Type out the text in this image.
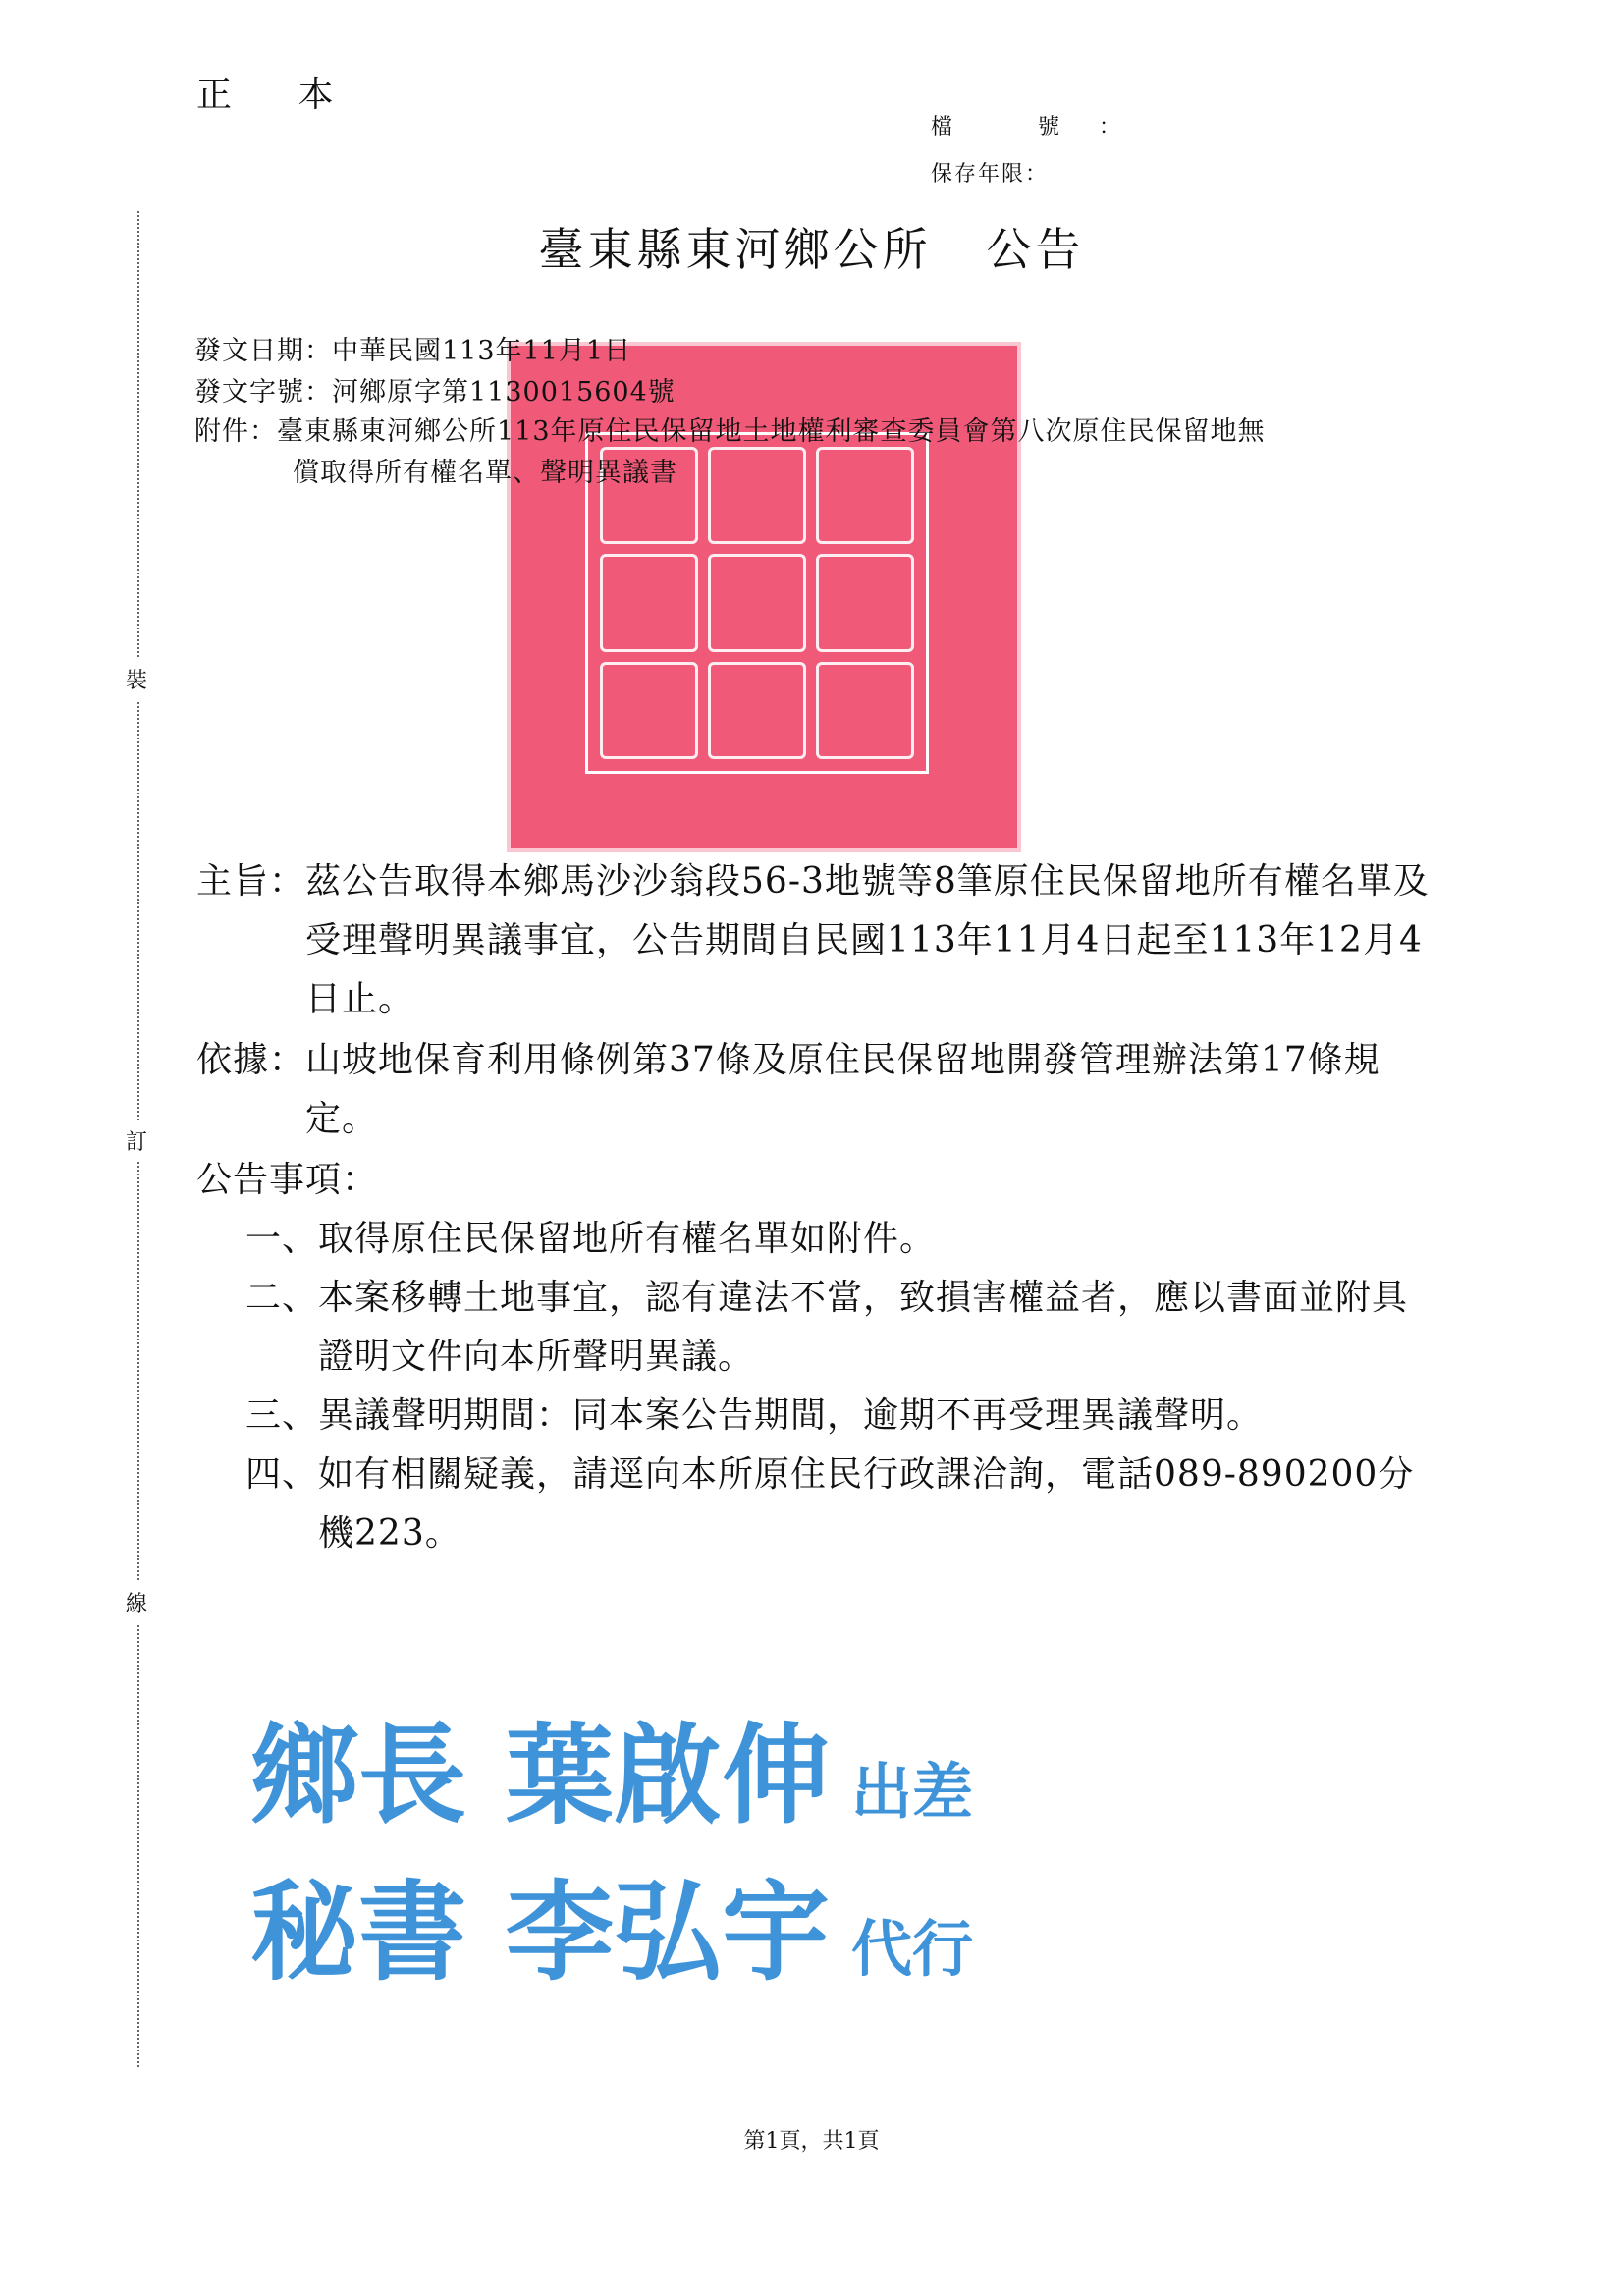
正 本
檔 號：
保存年限：
裝
訂
線
臺東縣東河鄉公所 公告
發文日期：中華民國113年11月1日
發文字號：河鄉原字第1130015604號
附件：臺東縣東河鄉公所113年原住民保留地土地權利審查委員會第八次原住民保留地無
償取得所有權名單、聲明異議書
主旨： 茲公告取得本鄉馬沙沙翁段56-3地號等8筆原住民保留地所有權名單及受理聲明異議事宜，公告期間自民國113年11月4日起至113年12月4日止。
依據： 山坡地保育利用條例第37條及原住民保留地開發管理辦法第17條規定。
公告事項：
一、 取得原住民保留地所有權名單如附件。
二、 本案移轉土地事宜，認有違法不當，致損害權益者，應以書面並附具證明文件向本所聲明異議。
三、 異議聲明期間：同本案公告期間，逾期不再受理異議聲明。
四、 如有相關疑義，請逕向本所原住民行政課洽詢，電話089-890200分機223。
鄉長 葉啟伸 出差
秘書 李弘宇 代行
第1頁，共1頁
